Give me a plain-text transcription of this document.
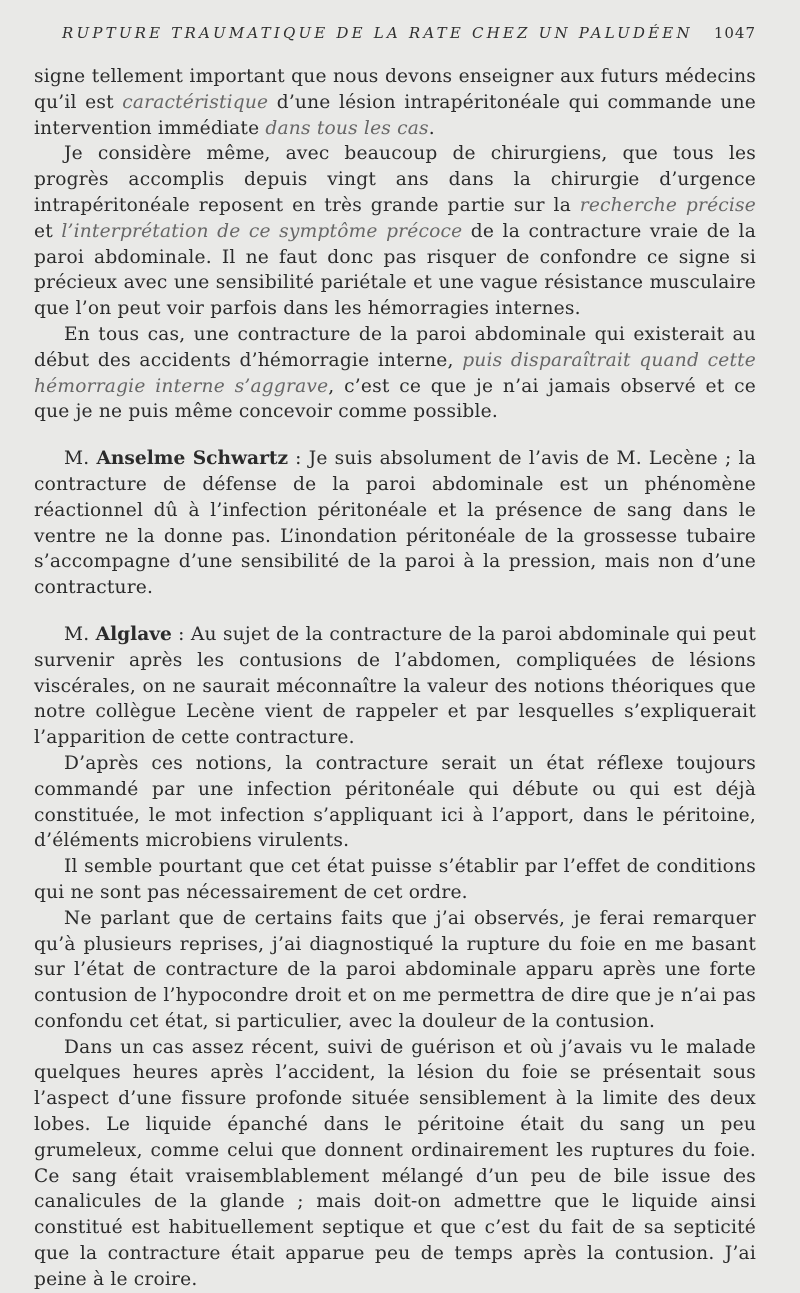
RUPTURE TRAUMATIQUE DE LA RATE CHEZ UN PALUDÉEN 1047

signe tellement important que nous devons enseigner aux futurs médecins qu’il est caractéristique d’une lésion intrapéritonéale qui commande une intervention immédiate dans tous les cas.

Je considère même, avec beaucoup de chirurgiens, que tous les progrès accomplis depuis vingt ans dans la chirurgie d’urgence intrapéritonéale reposent en très grande partie sur la recherche précise et l’interprétation de ce symptôme précoce de la contracture vraie de la paroi abdominale. Il ne faut donc pas risquer de confondre ce signe si précieux avec une sensibilité pariétale et une vague résistance musculaire que l’on peut voir parfois dans les hémorragies internes.

En tous cas, une contracture de la paroi abdominale qui existerait au début des accidents d’hémorragie interne, puis disparaîtrait quand cette hémorragie interne s’aggrave, c’est ce que je n’ai jamais observé et ce que je ne puis même concevoir comme possible.

M. Anselme Schwartz : Je suis absolument de l’avis de M. Lecène ; la contracture de défense de la paroi abdominale est un phénomène réactionnel dû à l’infection péritonéale et la présence de sang dans le ventre ne la donne pas. L’inondation péritonéale de la grossesse tubaire s’accompagne d’une sensibilité de la paroi à la pression, mais non d’une contracture.

M. Alglave : Au sujet de la contracture de la paroi abdominale qui peut survenir après les contusions de l’abdomen, compliquées de lésions viscérales, on ne saurait méconnaître la valeur des notions théoriques que notre collègue Lecène vient de rappeler et par lesquelles s’expliquerait l’apparition de cette contracture.

D’après ces notions, la contracture serait un état réflexe toujours commandé par une infection péritonéale qui débute ou qui est déjà constituée, le mot infection s’appliquant ici à l’apport, dans le péritoine, d’éléments microbiens virulents.

Il semble pourtant que cet état puisse s’établir par l’effet de conditions qui ne sont pas nécessairement de cet ordre.

Ne parlant que de certains faits que j’ai observés, je ferai remarquer qu’à plusieurs reprises, j’ai diagnostiqué la rupture du foie en me basant sur l’état de contracture de la paroi abdominale apparu après une forte contusion de l’hypocondre droit et on me permettra de dire que je n’ai pas confondu cet état, si particulier, avec la douleur de la contusion.

Dans un cas assez récent, suivi de guérison et où j’avais vu le malade quelques heures après l’accident, la lésion du foie se présentait sous l’aspect d’une fissure profonde située sensiblement à la limite des deux lobes. Le liquide épanché dans le péritoine était du sang un peu grumeleux, comme celui que donnent ordinairement les ruptures du foie. Ce sang était vraisemblablement mélangé d’un peu de bile issue des canalicules de la glande ; mais doit-on admettre que le liquide ainsi constitué est habituellement septique et que c’est du fait de sa septicité que la contracture était apparue peu de temps après la contusion. J’ai peine à le croire.
